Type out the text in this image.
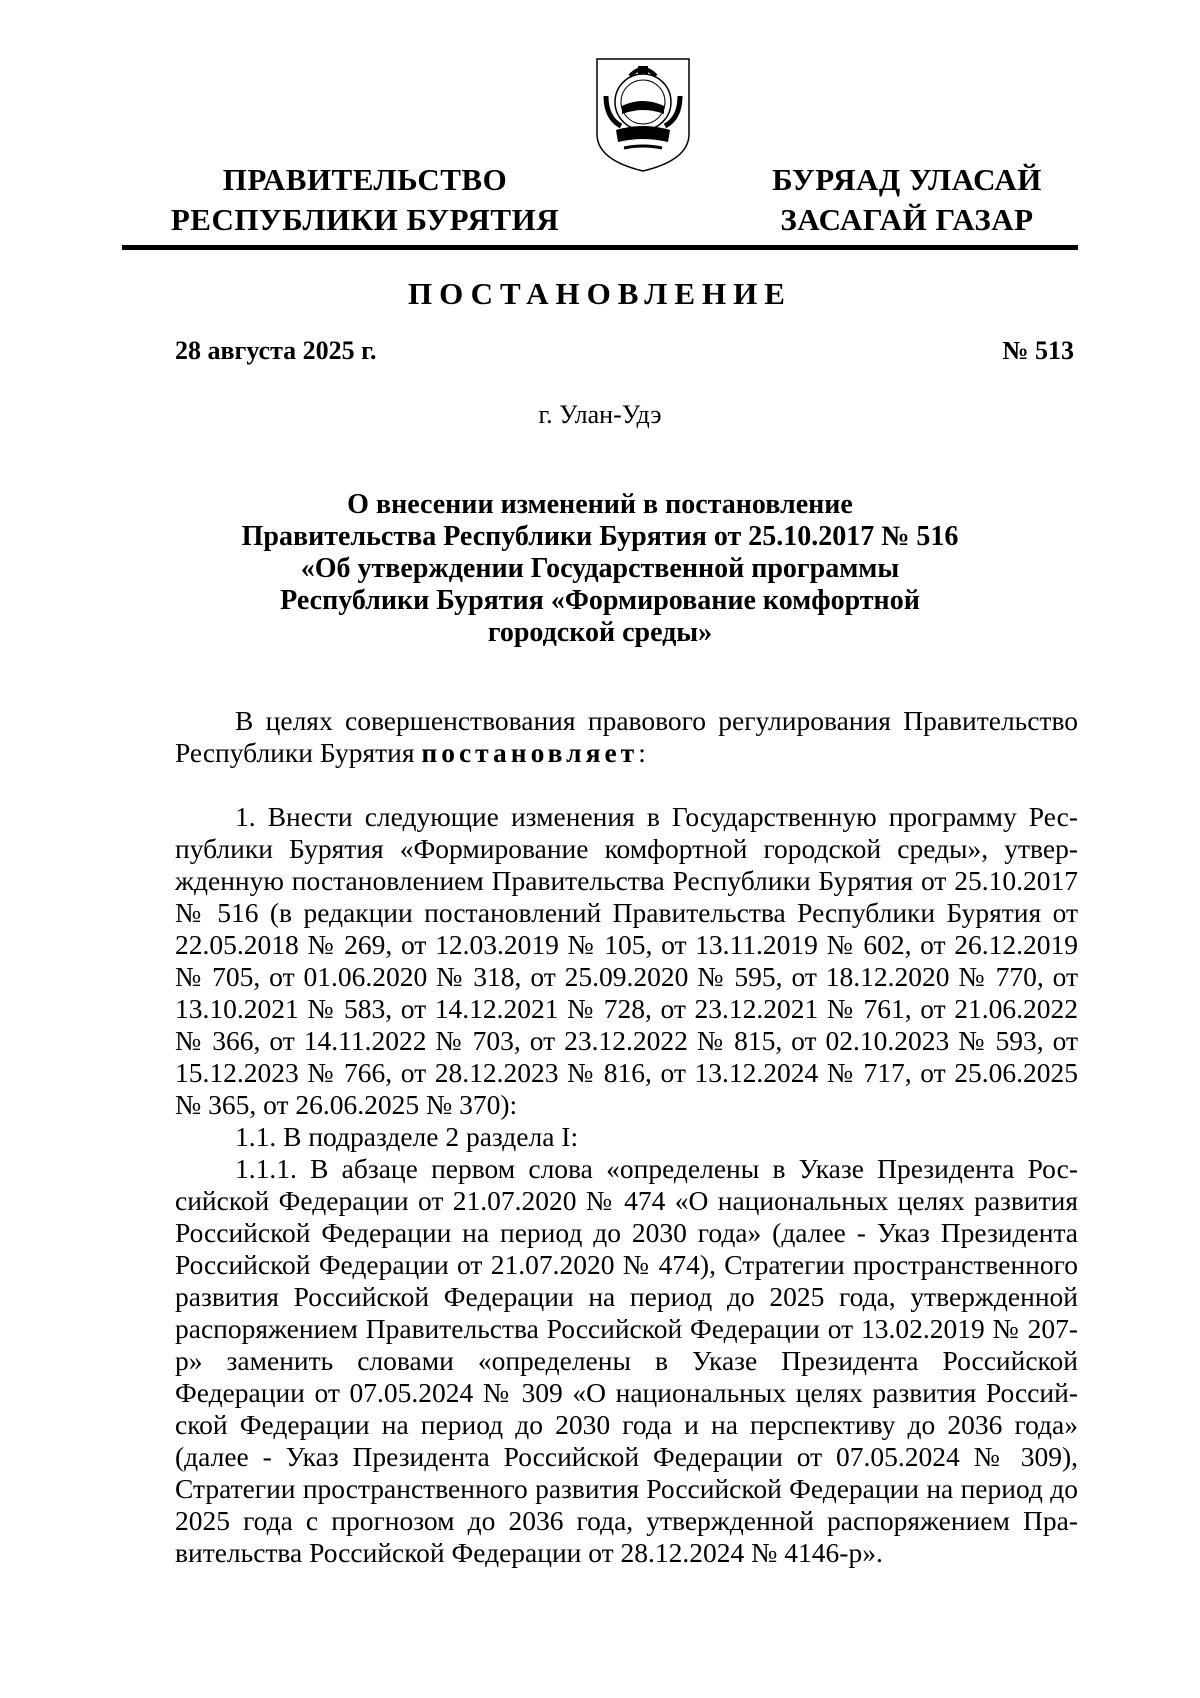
ПРАВИТЕЛЬСТВО
РЕСПУБЛИКИ БУРЯТИЯ
БУРЯАД УЛАСАЙ
ЗАСАГАЙ ГАЗАР
ПОСТАНОВЛЕНИЕ
28 августа 2025 г.	№ 513
г. Улан-Удэ
О внесении изменений в постановление
Правительства Республики Бурятия от 25.10.2017 № 516
«Об утверждении Государственной программы
Республики Бурятия «Формирование комфортной
городской среды»

В целях совершенствования правового регулирования Правительство Республики Бурятия постановляет:

1. Внести следующие изменения в Государственную программу Республики Бурятия «Формирование комфортной городской среды», утвержденную постановлением Правительства Республики Бурятия от 25.10.2017 № 516 (в редакции постановлений Правительства Республики Бурятия от 22.05.2018 № 269, от 12.03.2019 № 105, от 13.11.2019 № 602, от 26.12.2019 № 705, от 01.06.2020 № 318, от 25.09.2020 № 595, от 18.12.2020 № 770, от 13.10.2021 № 583, от 14.12.2021 № 728, от 23.12.2021 № 761, от 21.06.2022 № 366, от 14.11.2022 № 703, от 23.12.2022 № 815, от 02.10.2023 № 593, от 15.12.2023 № 766, от 28.12.2023 № 816, от 13.12.2024 № 717, от 25.06.2025 № 365, от 26.06.2025 № 370):

1.1. В подразделе 2 раздела I:

1.1.1. В абзаце первом слова «определены в Указе Президента Российской Федерации от 21.07.2020 № 474 «О национальных целях развития Российской Федерации на период до 2030 года» (далее - Указ Президента Российской Федерации от 21.07.2020 № 474), Стратегии пространственного развития Российской Федерации на период до 2025 года, утвержденной распоряжением Правительства Российской Федерации от 13.02.2019 № 207-р» заменить словами «определены в Указе Президента Российской Федерации от 07.05.2024 № 309 «О национальных целях развития Российской Федерации на период до 2030 года и на перспективу до 2036 года» (далее - Указ Президента Российской Федерации от 07.05.2024 № 309), Стратегии пространственного развития Российской Федерации на период до 2025 года с прогнозом до 2036 года, утвержденной распоряжением Правительства Российской Федерации от 28.12.2024 № 4146-р».
